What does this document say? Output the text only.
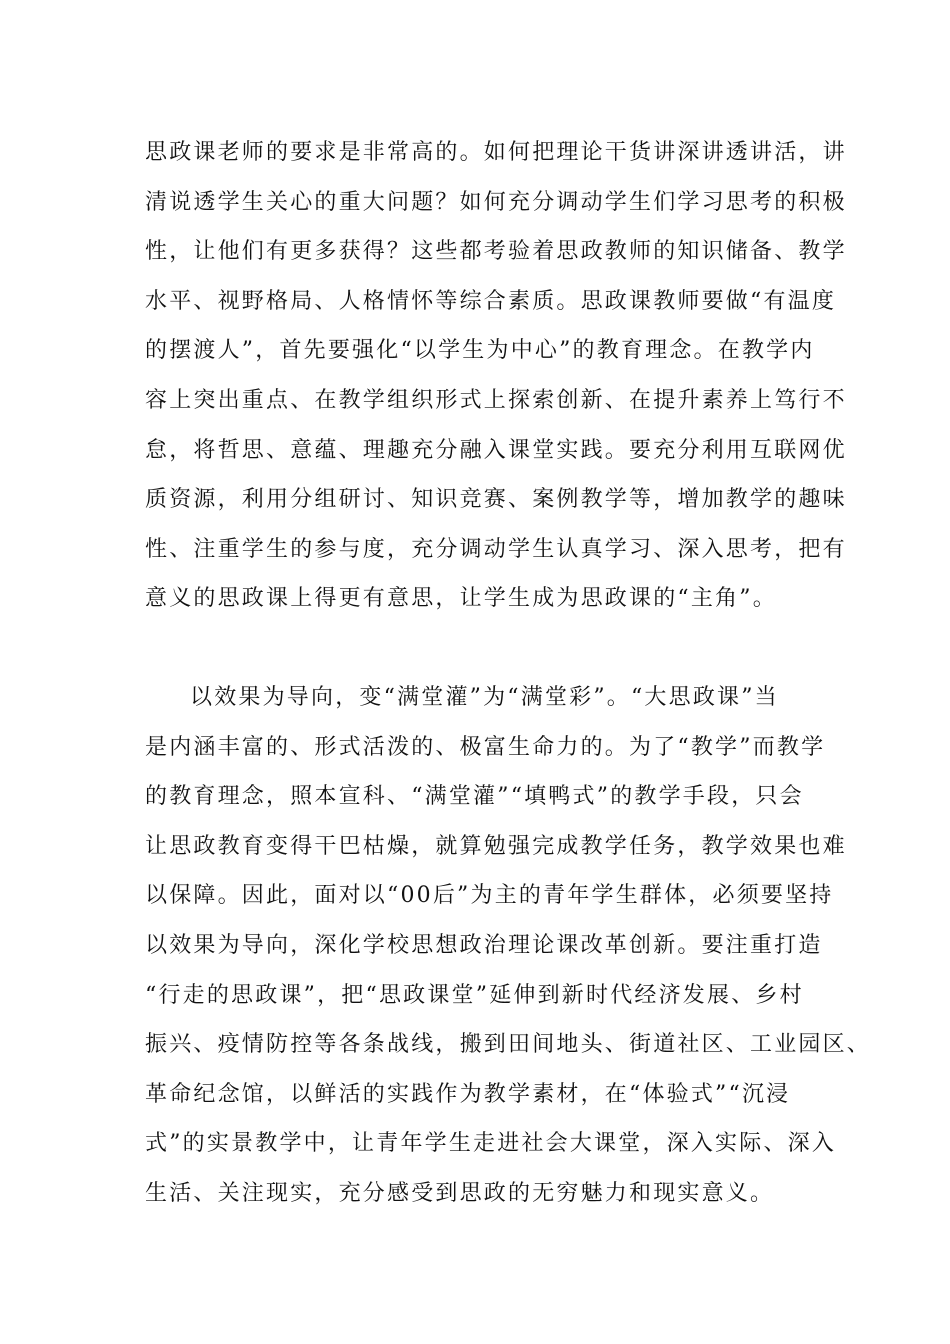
思政课老师的要求是非常高的。如何把理论干货讲深讲透讲活，讲
清说透学生关心的重大问题？如何充分调动学生们学习思考的积极
性，让他们有更多获得？这些都考验着思政教师的知识储备、教学
水平、视野格局、人格情怀等综合素质。思政课教师要做“有温度
的摆渡人”，首先要强化“以学生为中心”的教育理念。在教学内
容上突出重点、在教学组织形式上探索创新、在提升素养上笃行不
怠，将哲思、意蕴、理趣充分融入课堂实践。要充分利用互联网优
质资源，利用分组研讨、知识竞赛、案例教学等，增加教学的趣味
性、注重学生的参与度，充分调动学生认真学习、深入思考，把有
意义的思政课上得更有意思，让学生成为思政课的“主角”。
以效果为导向，变“满堂灌”为“满堂彩”。“大思政课”当
是内涵丰富的、形式活泼的、极富生命力的。为了“教学”而教学
的教育理念，照本宣科、“满堂灌”“填鸭式”的教学手段，只会
让思政教育变得干巴枯燥，就算勉强完成教学任务，教学效果也难
以保障。因此，面对以“00后”为主的青年学生群体，必须要坚持
以效果为导向，深化学校思想政治理论课改革创新。要注重打造
“行走的思政课”，把“思政课堂”延伸到新时代经济发展、乡村
振兴、疫情防控等各条战线，搬到田间地头、街道社区、工业园区、
革命纪念馆，以鲜活的实践作为教学素材，在“体验式”“沉浸
式”的实景教学中，让青年学生走进社会大课堂，深入实际、深入
生活、关注现实，充分感受到思政的无穷魅力和现实意义。
